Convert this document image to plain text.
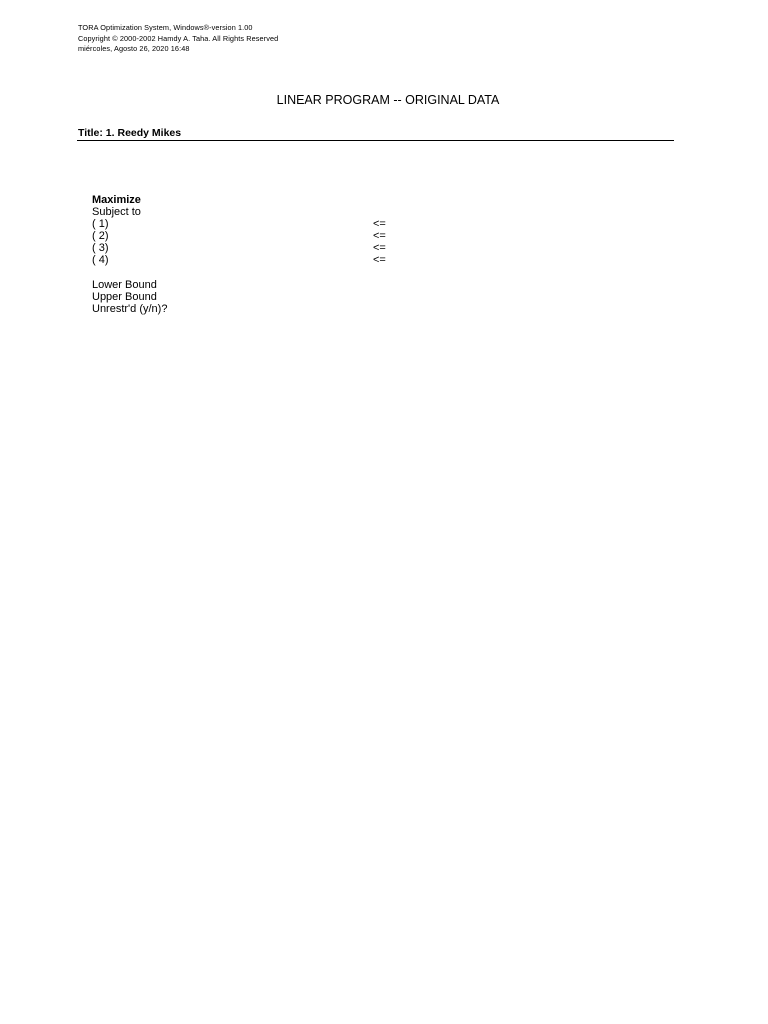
TORA Optimization System, Windows®-version 1.00
Copyright © 2000-2002 Hamdy A. Taha. All Rights Reserved
miércoles, Agosto 26, 2020 16:48
LINEAR PROGRAM -- ORIGINAL DATA
Title: 1. Reedy Mikes
Maximize
Subject to
( 1)	<=
( 2)	<=
( 3)	<=
( 4)	<=
Lower Bound
Upper Bound
Unrestr'd (y/n)?
